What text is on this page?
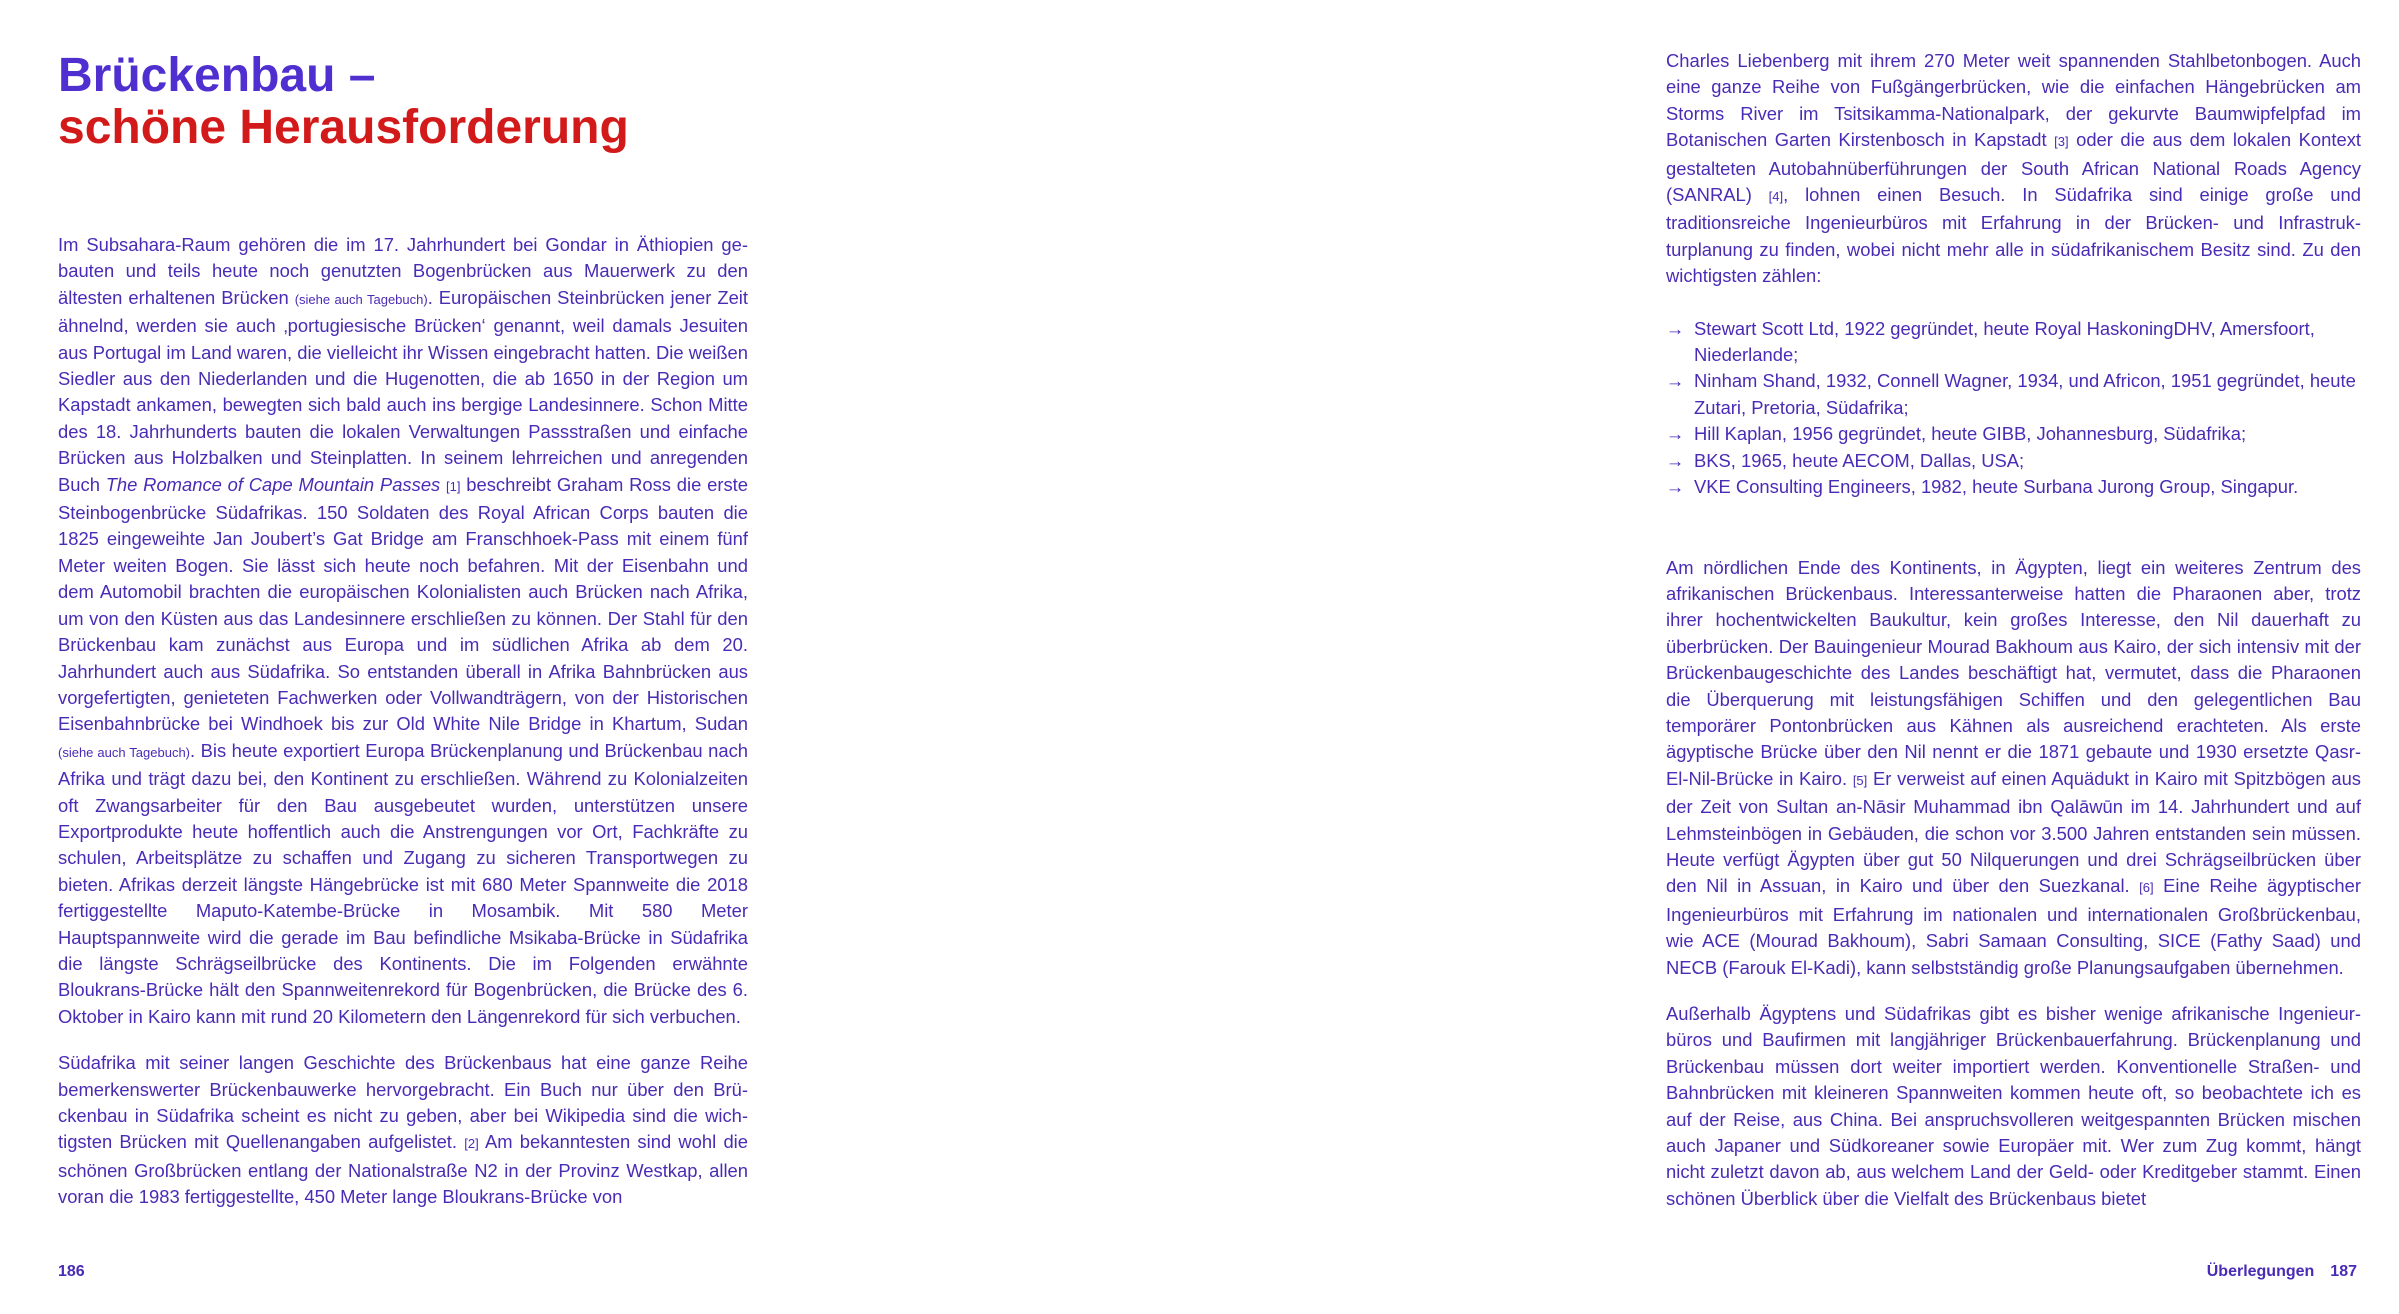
Brückenbau –
schöne Herausforderung

Im Subsahara-Raum gehören die im 17. Jahrhundert bei Gondar in Äthiopien gebauten und teils heute noch genutzten Bogenbrücken aus Mauerwerk zu den ältesten erhaltenen Brücken (siehe auch Tagebuch). Europäischen Steinbrücken jener Zeit ähnelnd, werden sie auch ‚portugiesische Brücken‘ genannt, weil damals Jesuiten aus Portugal im Land waren, die vielleicht ihr Wissen eingebracht hatten. Die weißen Siedler aus den Niederlanden und die Hugenotten, die ab 1650 in der Region um Kapstadt ankamen, bewegten sich bald auch ins bergige Landesinnere. Schon Mitte des 18. Jahrhunderts bauten die lokalen Verwaltungen Passstraßen und einfache Brücken aus Holzbalken und Steinplatten. In seinem lehrreichen und anregenden Buch The Romance of Cape Mountain Passes [1] beschreibt Graham Ross die erste Steinbogenbrücke Südafrikas. 150 Soldaten des Royal African Corps bauten die 1825 eingeweihte Jan Joubert’s Gat Bridge am Franschhoek-Pass mit einem fünf Meter weiten Bogen. Sie lässt sich heute noch befahren. Mit der Eisenbahn und dem Automobil brachten die europäischen Kolonialisten auch Brücken nach Afrika, um von den Küsten aus das Landesinnere erschließen zu können. Der Stahl für den Brückenbau kam zunächst aus Europa und im südlichen Afrika ab dem 20. Jahrhundert auch aus Südafrika. So entstanden überall in Afrika Bahnbrücken aus vorgefertigten, genieteten Fachwerken oder Vollwandträgern, von der Historischen Eisenbahnbrücke bei Windhoek bis zur Old White Nile Bridge in Khartum, Sudan (siehe auch Tagebuch). Bis heute exportiert Europa Brückenplanung und Brückenbau nach Afrika und trägt dazu bei, den Kontinent zu erschließen. Während zu Kolonialzeiten oft Zwangsarbeiter für den Bau ausgebeutet wurden, unterstützen unsere Exportprodukte heute hoffentlich auch die Anstrengungen vor Ort, Fachkräfte zu schulen, Arbeitsplätze zu schaffen und Zugang zu sicheren Transportwegen zu bieten. Afrikas derzeit längste Hängebrücke ist mit 680 Meter Spannweite die 2018 fertiggestellte Maputo-Katembe-Brücke in Mosambik. Mit 580 Meter Hauptspannweite wird die gerade im Bau befindliche Msikaba-Brücke in Südafrika die längste Schrägseilbrücke des Kontinents. Die im Folgenden erwähnte Bloukrans-Brücke hält den Spannweitenrekord für Bogenbrücken, die Brücke des 6. Oktober in Kairo kann mit rund 20 Kilometern den Längenrekord für sich verbuchen.

Südafrika mit seiner langen Geschichte des Brückenbaus hat eine ganze Reihe bemerkenswerter Brückenbauwerke hervorgebracht. Ein Buch nur über den Brückenbau in Südafrika scheint es nicht zu geben, aber bei Wikipedia sind die wichtigsten Brücken mit Quellenangaben aufgelistet. [2] Am bekanntesten sind wohl die schönen Großbrücken entlang der Nationalstraße N2 in der Provinz Westkap, allen voran die 1983 fertiggestellte, 450 Meter lange Bloukrans-Brücke von

Charles Liebenberg mit ihrem 270 Meter weit spannenden Stahlbetonbogen. Auch eine ganze Reihe von Fußgängerbrücken, wie die einfachen Hängebrücken am Storms River im Tsitsikamma-Nationalpark, der gekurvte Baumwipfelpfad im Botanischen Garten Kirstenbosch in Kapstadt [3] oder die aus dem lokalen Kontext gestalteten Autobahnüberführungen der South African National Roads Agency (SANRAL) [4], lohnen einen Besuch. In Südafrika sind einige große und traditionsreiche Ingenieurbüros mit Erfahrung in der Brücken- und Infrastrukturplanung zu finden, wobei nicht mehr alle in südafrikanischem Besitz sind. Zu den wichtigsten zählen:

→ Stewart Scott Ltd, 1922 gegründet, heute Royal HaskoningDHV, Amersfoort, Niederlande;
→ Ninham Shand, 1932, Connell Wagner, 1934, und Africon, 1951 gegründet, heute Zutari, Pretoria, Südafrika;
→ Hill Kaplan, 1956 gegründet, heute GIBB, Johannesburg, Südafrika;
→ BKS, 1965, heute AECOM, Dallas, USA;
→ VKE Consulting Engineers, 1982, heute Surbana Jurong Group, Singapur.

Am nördlichen Ende des Kontinents, in Ägypten, liegt ein weiteres Zentrum des afrikanischen Brückenbaus. Interessanterweise hatten die Pharaonen aber, trotz ihrer hochentwickelten Baukultur, kein großes Interesse, den Nil dauerhaft zu überbrücken. Der Bauingenieur Mourad Bakhoum aus Kairo, der sich intensiv mit der Brückenbaugeschichte des Landes beschäftigt hat, vermutet, dass die Pharaonen die Überquerung mit leistungsfähigen Schiffen und den gelegentlichen Bau temporärer Pontonbrücken aus Kähnen als ausreichend erachteten. Als erste ägyptische Brücke über den Nil nennt er die 1871 gebaute und 1930 ersetzte Qasr-El-Nil-Brücke in Kairo. [5] Er verweist auf einen Aquädukt in Kairo mit Spitzbögen aus der Zeit von Sultan an-Nāsir Muhammad ibn Qalāwūn im 14. Jahrhundert und auf Lehmsteinbögen in Gebäuden, die schon vor 3.500 Jahren entstanden sein müssen. Heute verfügt Ägypten über gut 50 Nilquerungen und drei Schrägseilbrücken über den Nil in Assuan, in Kairo und über den Suezkanal. [6] Eine Reihe ägyptischer Ingenieurbüros mit Erfahrung im nationalen und internationalen Großbrückenbau, wie ACE (Mourad Bakhoum), Sabri Samaan Consulting, SICE (Fathy Saad) und NECB (Farouk El-Kadi), kann selbstständig große Planungsaufgaben übernehmen.

Außerhalb Ägyptens und Südafrikas gibt es bisher wenige afrikanische Ingenieurbüros und Baufirmen mit langjähriger Brückenbauerfahrung. Brückenplanung und Brückenbau müssen dort weiter importiert werden. Konventionelle Straßen- und Bahnbrücken mit kleineren Spannweiten kommen heute oft, so beobachtete ich es auf der Reise, aus China. Bei anspruchsvolleren weitgespannten Brücken mischen auch Japaner und Südkoreaner sowie Europäer mit. Wer zum Zug kommt, hängt nicht zuletzt davon ab, aus welchem Land der Geld- oder Kreditgeber stammt. Einen schönen Überblick über die Vielfalt des Brückenbaus bietet

186	Überlegungen 187
